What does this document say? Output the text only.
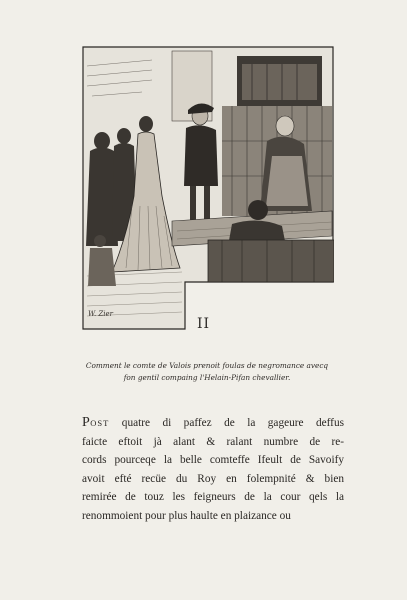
W. Zier
II
Comment le comte de Valois prenoit foulas de negromance avecq
fon gentil compaing l'Helain-Pifan chevallier.
POST quatre di paffez de la gageure deffus
faicte eftoit jà alant & ralant numbre de re-
cords pourceqe la belle comteffe Ifeult de Savoify
avoit efté recüe du Roy en folempnité & bien
remirée de touz les feigneurs de la cour qels la
renommoient pour plus haulte en plaizance ou
